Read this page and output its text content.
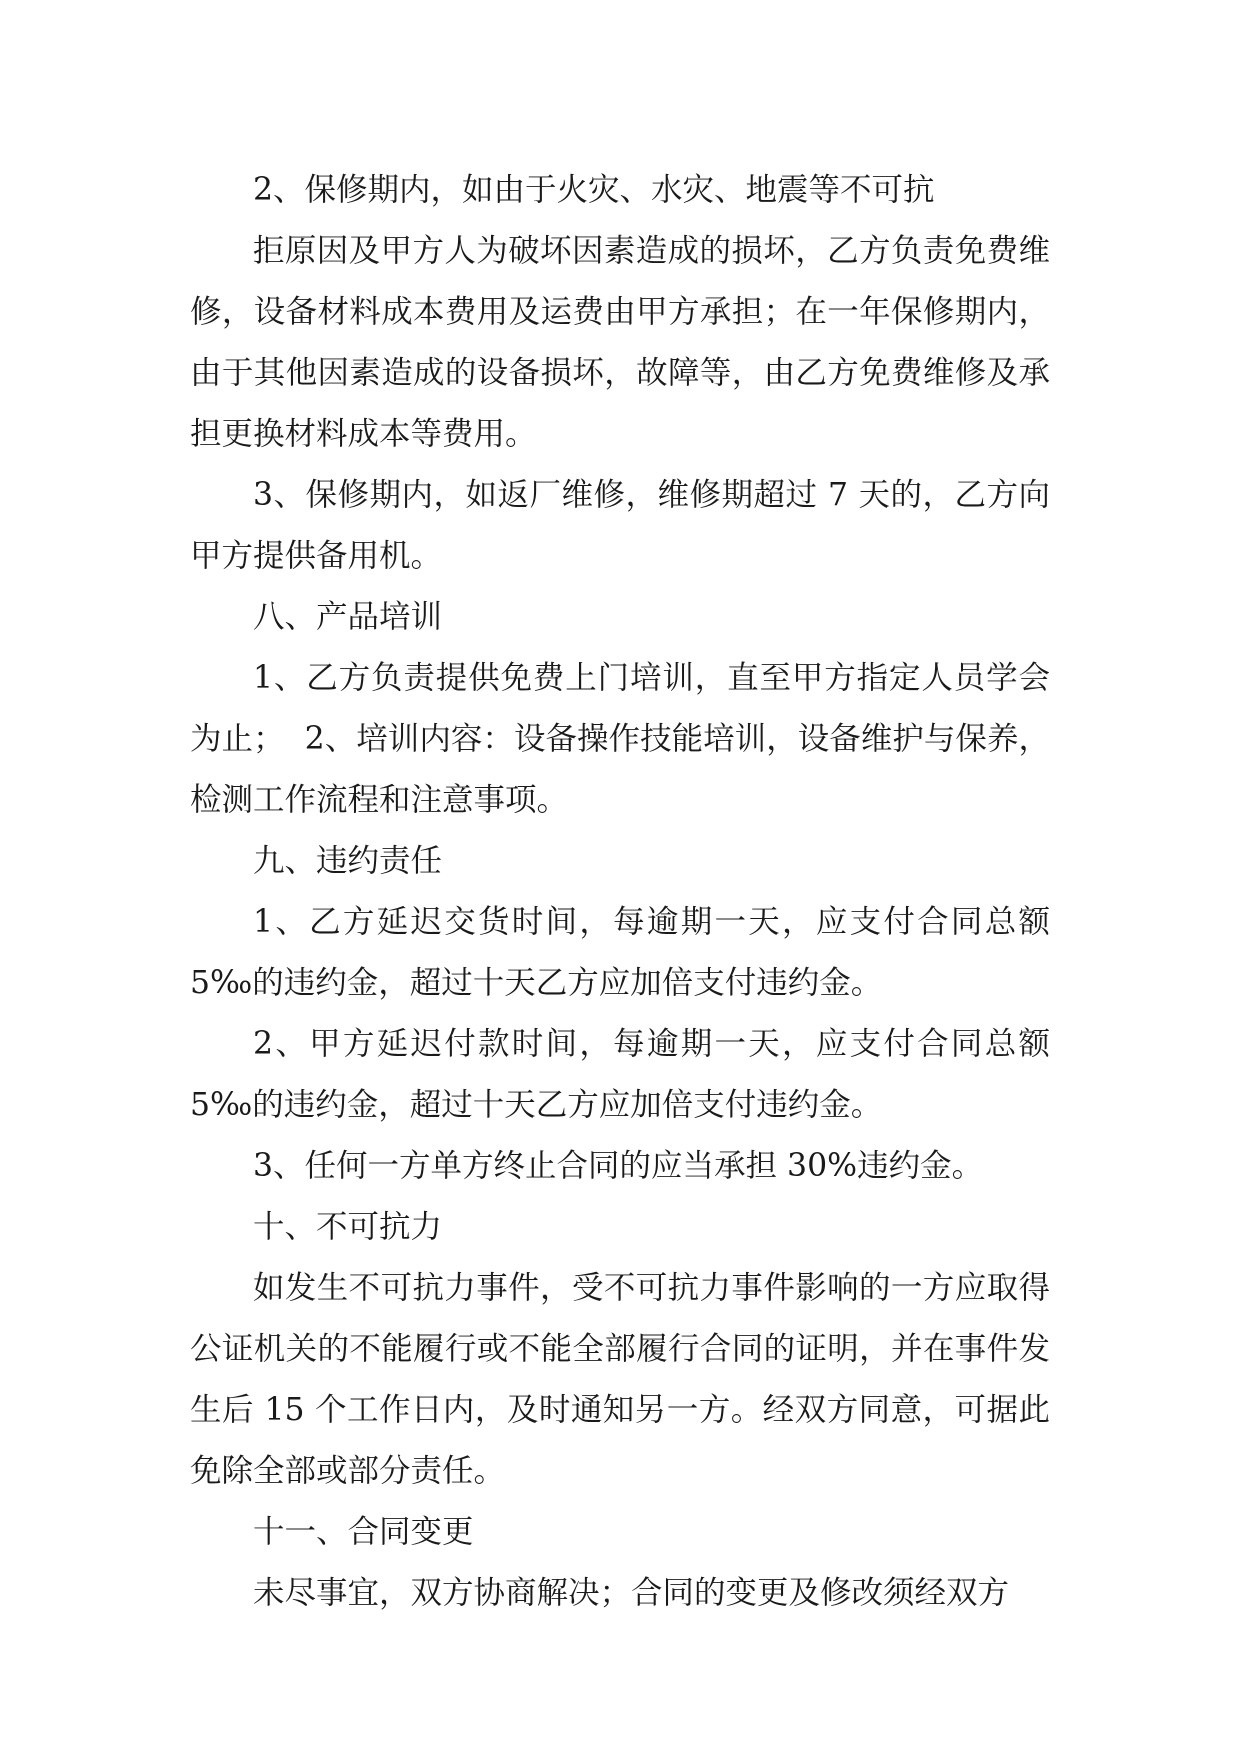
2、保修期内，如由于火灾、水灾、地震等不可抗

拒原因及甲方人为破坏因素造成的损坏，乙方负责免费维修，设备材料成本费用及运费由甲方承担；在一年保修期内，由于其他因素造成的设备损坏，故障等，由乙方免费维修及承担更换材料成本等费用。

3、保修期内，如返厂维修，维修期超过 7 天的，乙方向甲方提供备用机。

八、产品培训

1、乙方负责提供免费上门培训，直至甲方指定人员学会为止；  2、培训内容：设备操作技能培训，设备维护与保养，检测工作流程和注意事项。

九、违约责任

1、乙方延迟交货时间，每逾期一天，应支付合同总额5‰的违约金，超过十天乙方应加倍支付违约金。

2、甲方延迟付款时间，每逾期一天，应支付合同总额5‰的违约金，超过十天乙方应加倍支付违约金。

3、任何一方单方终止合同的应当承担 30%违约金。

十、不可抗力

如发生不可抗力事件，受不可抗力事件影响的一方应取得公证机关的不能履行或不能全部履行合同的证明，并在事件发生后 15 个工作日内，及时通知另一方。经双方同意，可据此免除全部或部分责任。

十一、合同变更

未尽事宜，双方协商解决；合同的变更及修改须经双方
